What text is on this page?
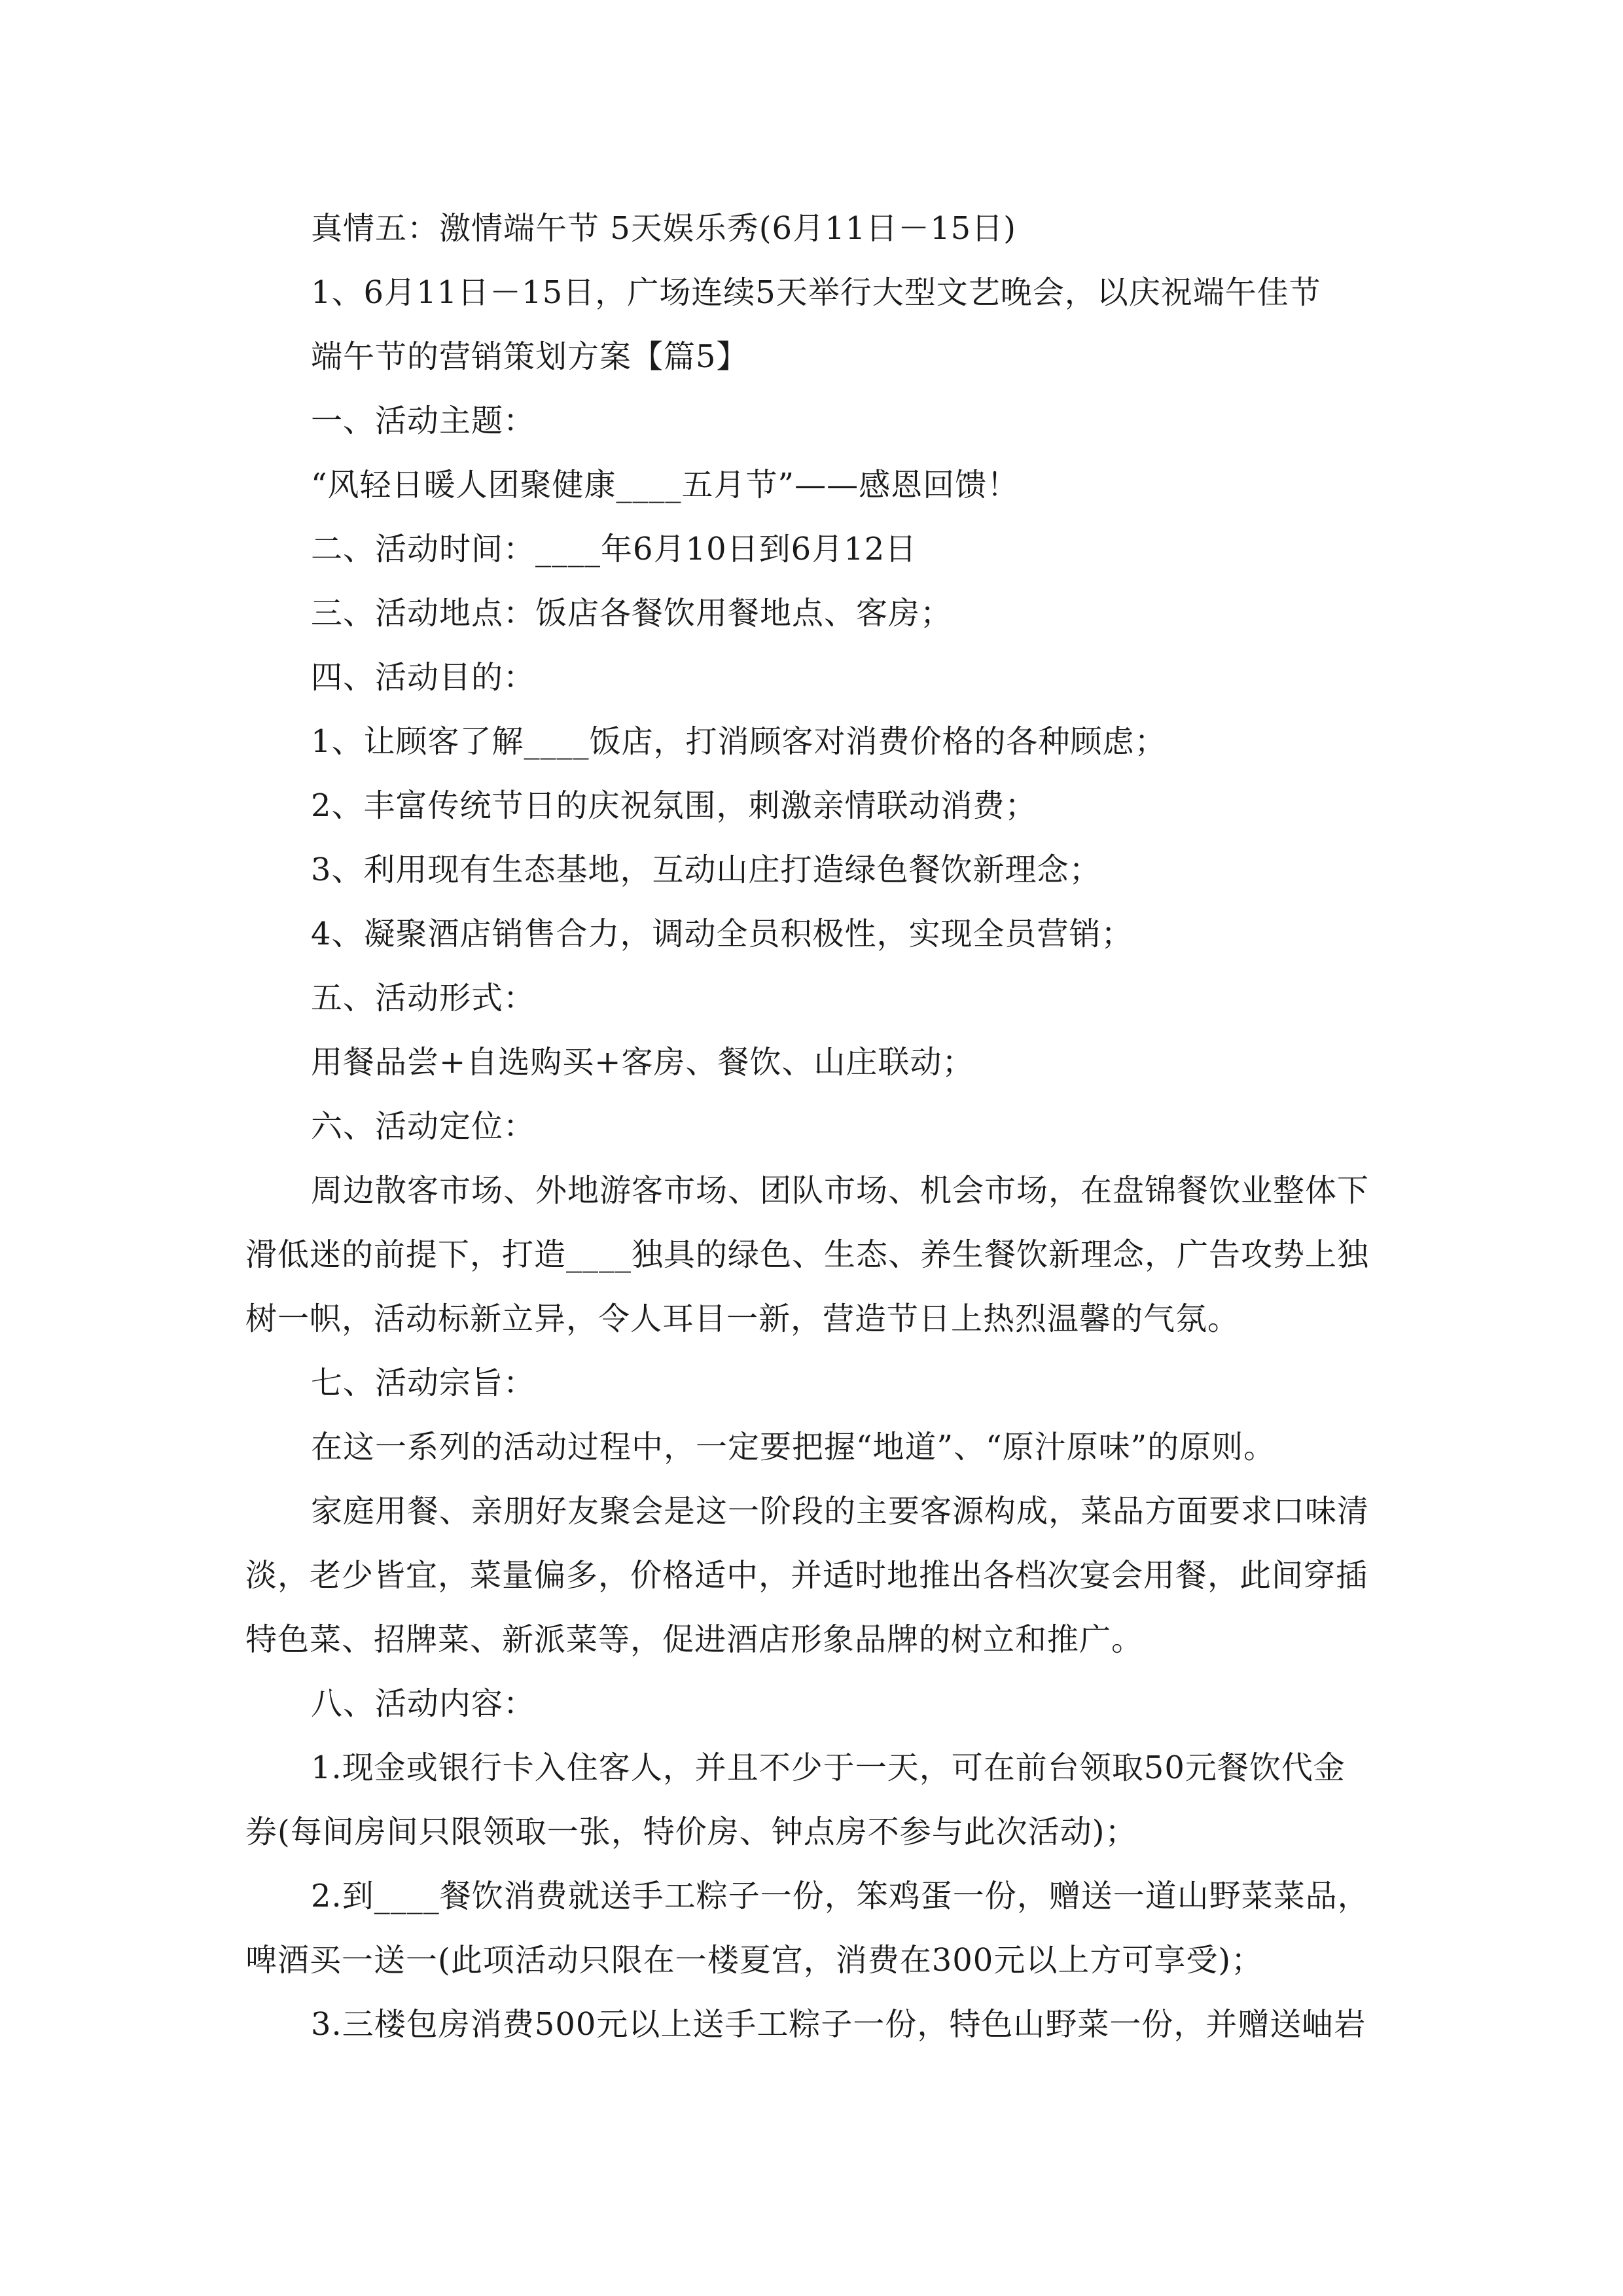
真情五：激情端午节 5天娱乐秀(6月11日－15日)
1、6月11日－15日，广场连续5天举行大型文艺晚会，以庆祝端午佳节
端午节的营销策划方案【篇5】
一、活动主题：
“风轻日暖人团聚健康____五月节”——感恩回馈！
二、活动时间：____年6月10日到6月12日
三、活动地点：饭店各餐饮用餐地点、客房；
四、活动目的：
1、让顾客了解____饭店，打消顾客对消费价格的各种顾虑；
2、丰富传统节日的庆祝氛围，刺激亲情联动消费；
3、利用现有生态基地，互动山庄打造绿色餐饮新理念；
4、凝聚酒店销售合力，调动全员积极性，实现全员营销；
五、活动形式：
用餐品尝+自选购买+客房、餐饮、山庄联动；
六、活动定位：
周边散客市场、外地游客市场、团队市场、机会市场，在盘锦餐饮业整体下
滑低迷的前提下，打造____独具的绿色、生态、养生餐饮新理念，广告攻势上独
树一帜，活动标新立异，令人耳目一新，营造节日上热烈温馨的气氛。
七、活动宗旨：
在这一系列的活动过程中，一定要把握“地道”、“原汁原味”的原则。
家庭用餐、亲朋好友聚会是这一阶段的主要客源构成，菜品方面要求口味清
淡，老少皆宜，菜量偏多，价格适中，并适时地推出各档次宴会用餐，此间穿插
特色菜、招牌菜、新派菜等，促进酒店形象品牌的树立和推广。
八、活动内容：
1.现金或银行卡入住客人，并且不少于一天，可在前台领取50元餐饮代金
券(每间房间只限领取一张，特价房、钟点房不参与此次活动)；
2.到____餐饮消费就送手工粽子一份，笨鸡蛋一份，赠送一道山野菜菜品，
啤酒买一送一(此项活动只限在一楼夏宫，消费在300元以上方可享受)；
3.三楼包房消费500元以上送手工粽子一份，特色山野菜一份，并赠送岫岩
